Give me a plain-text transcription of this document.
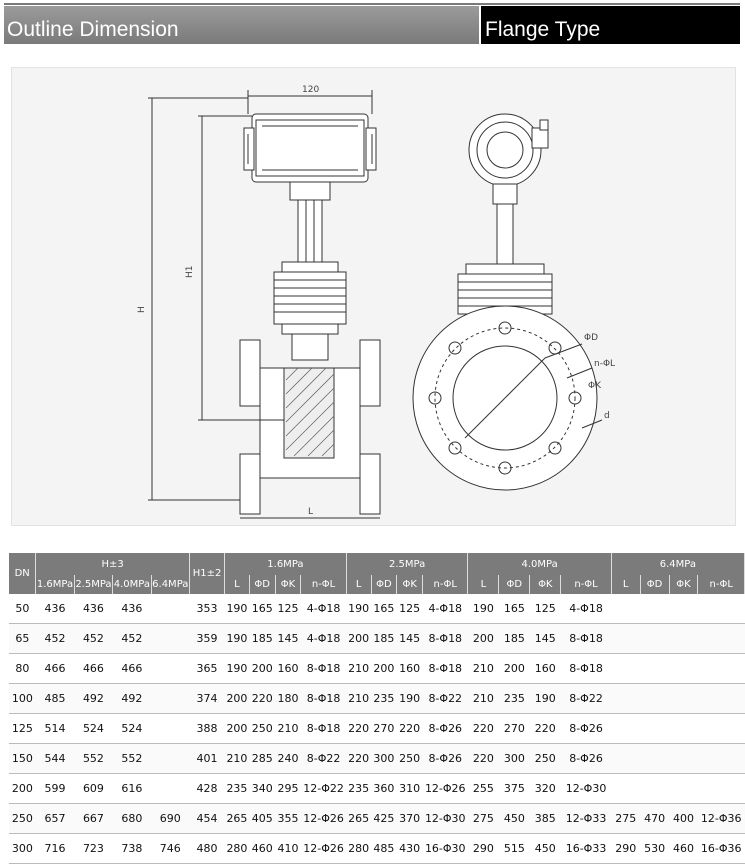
Outline Dimension	Flange Type
120
H1
H
L
ΦD
n-ΦL
ΦK
d
DN	H±3				H1±2	1.6MPa				2.5MPa				4.0MPa				6.4MPa			
	1.6MPa	2.5MPa	4.0MPa	6.4MPa		L	ΦD	ΦK	n-ΦL	L	ΦD	ΦK	n-ΦL	L	ΦD	ΦK	n-ΦL	L	ΦD	ΦK	n-ΦL
50	436	436	436		353	190	165	125	4-Φ18	190	165	125	4-Φ18	190	165	125	4-Φ18				
65	452	452	452		359	190	185	145	4-Φ18	200	185	145	8-Φ18	200	185	145	8-Φ18				
80	466	466	466		365	190	200	160	8-Φ18	210	200	160	8-Φ18	210	200	160	8-Φ18				
100	485	492	492		374	200	220	180	8-Φ18	210	235	190	8-Φ22	210	235	190	8-Φ22				
125	514	524	524		388	200	250	210	8-Φ18	220	270	220	8-Φ26	220	270	220	8-Φ26				
150	544	552	552		401	210	285	240	8-Φ22	220	300	250	8-Φ26	220	300	250	8-Φ26				
200	599	609	616		428	235	340	295	12-Φ22	235	360	310	12-Φ26	255	375	320	12-Φ30				
250	657	667	680	690	454	265	405	355	12-Φ26	265	425	370	12-Φ30	275	450	385	12-Φ33	275	470	400	12-Φ36
300	716	723	738	746	480	280	460	410	12-Φ26	280	485	430	16-Φ30	290	515	450	16-Φ33	290	530	460	16-Φ36
